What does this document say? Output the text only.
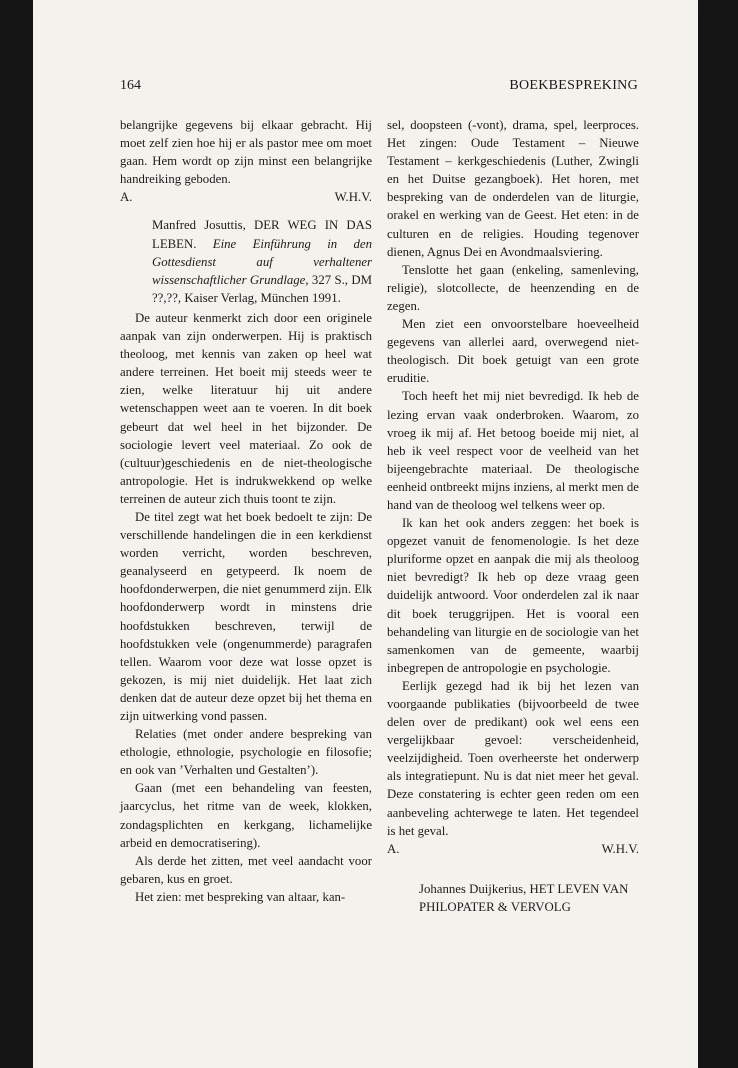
164	BOEKBESPREKING

belangrijke gegevens bij elkaar gebracht. Hij moet zelf zien hoe hij er als pastor mee om moet gaan. Hem wordt op zijn minst een belangrijke handreiking geboden.

A.	W.H.V.

Manfred Josuttis, DER WEG IN DAS LEBEN. Eine Einführung in den Gottesdienst auf verhaltener wissenschaftlicher Grundlage, 327 S., DM ??,??, Kaiser Verlag, München 1991.

De auteur kenmerkt zich door een originele aanpak van zijn onderwerpen. Hij is praktisch theoloog, met kennis van zaken op heel wat andere terreinen. Het boeit mij steeds weer te zien, welke literatuur hij uit andere wetenschappen weet aan te voeren. In dit boek gebeurt dat wel heel in het bijzonder. De sociologie levert veel materiaal. Zo ook de (cultuur)geschiedenis en de niet-theologische antropologie. Het is indrukwekkend op welke terreinen de auteur zich thuis toont te zijn.

De titel zegt wat het boek bedoelt te zijn: De verschillende handelingen die in een kerkdienst worden verricht, worden beschreven, geanalyseerd en getypeerd. Ik noem de hoofdonderwerpen, die niet genummerd zijn. Elk hoofdonderwerp wordt in minstens drie hoofdstukken beschreven, terwijl de hoofdstukken vele (ongenummerde) paragrafen tellen. Waarom voor deze wat losse opzet is gekozen, is mij niet duidelijk. Het laat zich denken dat de auteur deze opzet bij het thema en zijn uitwerking vond passen.

Relaties (met onder andere bespreking van ethologie, ethnologie, psychologie en filosofie; en ook van ’Verhalten und Gestalten’).

Gaan (met een behandeling van feesten, jaarcyclus, het ritme van de week, klokken, zondagsplichten en kerkgang, lichamelijke arbeid en democratisering).

Als derde het zitten, met veel aandacht voor gebaren, kus en groet.

Het zien: met bespreking van altaar, kan-

sel, doopsteen (-vont), drama, spel, leerproces. Het zingen: Oude Testament – Nieuwe Testament – kerkgeschiedenis (Luther, Zwingli en het Duitse gezangboek). Het horen, met bespreking van de onderdelen van de liturgie, orakel en werking van de Geest. Het eten: in de culturen en de religies. Houding tegenover dienen, Agnus Dei en Avondmaalsviering.

Tenslotte het gaan (enkeling, samenleving, religie), slotcollecte, de heenzending en de zegen.

Men ziet een onvoorstelbare hoeveelheid gegevens van allerlei aard, overwegend niet-theologisch. Dit boek getuigt van een grote eruditie.

Toch heeft het mij niet bevredigd. Ik heb de lezing ervan vaak onderbroken. Waarom, zo vroeg ik mij af. Het betoog boeide mij niet, al heb ik veel respect voor de veelheid van het bijeengebrachte materiaal. De theologische eenheid ontbreekt mijns inziens, al merkt men de hand van de theoloog wel telkens weer op.

Ik kan het ook anders zeggen: het boek is opgezet vanuit de fenomenologie. Is het deze pluriforme opzet en aanpak die mij als theoloog niet bevredigt? Ik heb op deze vraag geen duidelijk antwoord. Voor onderdelen zal ik naar dit boek teruggrijpen. Het is vooral een behandeling van liturgie en de sociologie van het samenkomen van de gemeente, waarbij inbegrepen de antropologie en psychologie.

Eerlijk gezegd had ik bij het lezen van voorgaande publikaties (bijvoorbeeld de twee delen over de predikant) ook wel eens een vergelijkbaar gevoel: verscheidenheid, veelzijdigheid. Toen overheerste het onderwerp als integratiepunt. Nu is dat niet meer het geval. Deze constatering is echter geen reden om een aanbeveling achterwege te laten. Het tegendeel is het geval.

A.	W.H.V.

Johannes Duijkerius, HET LEVEN VAN PHILOPATER & VERVOLG
